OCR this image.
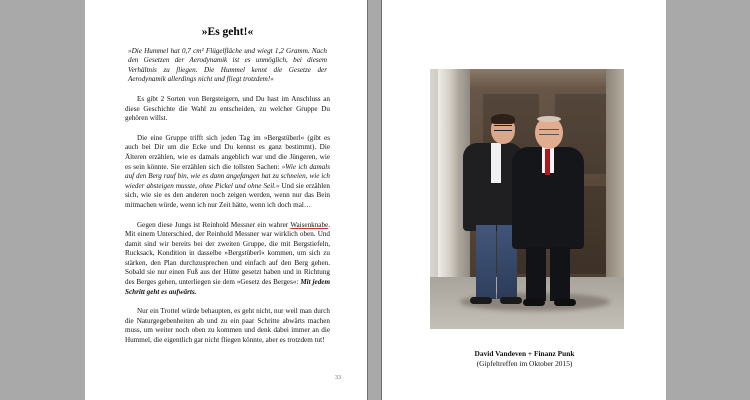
»Es geht!«

»Die Hummel hat 0,7 cm² Flügelfläche und wiegt 1,2 Gramm. Nach den Gesetzen der Aerodynamik ist es unmöglich, bei diesem Verhältnis zu fliegen. Die Hummel kennt die Gesetze der Aerodynamik allerdings nicht und fliegt trotzdem!«

Es gibt 2 Sorten von Bergsteigern, und Du hast im Anschluss an diese Geschichte die Wahl zu entscheiden, zu welcher Gruppe Du gehören willst.

Die eine Gruppe trifft sich jeden Tag im »Bergstüberl« (gibt es auch bei Dir um die Ecke und Du kennst es ganz bestimmt). Die Älteren erzählen, wie es damals angeblich war und die Jüngeren, wie es sein könnte. Sie erzählen sich die tollsten Sachen: »Wie ich damals auf den Berg rauf bin, wie es dann angefangen hat zu schneien, wie ich wieder absteigen musste, ohne Pickel und ohne Seil.« Und sie erzählen sich, wie sie es den anderen noch zeigen werden, wenn nur das Bein mitmachen würde, wenn ich nur Zeit hätte, wenn ich doch mal…

Gegen diese Jungs ist Reinhold Messner ein wahrer Waisenknabe. Mit einem Unterschied, der Reinhold Messner war wirklich oben. Und damit sind wir bereits bei der zweiten Gruppe, die mit Bergstiefeln, Rucksack, Kondition in dasselbe »Bergstüberl« kommen, um sich zu stärken, den Plan durchzusprechen und einfach auf den Berg gehen. Sobald sie nur einen Fuß aus der Hütte gesetzt haben und in Richtung des Berges gehen, unterliegen sie dem »Gesetz des Berges«: Mit jedem Schritt geht es aufwärts.

Nur ein Trottel würde behaupten, es geht nicht, nur weil man durch die Naturgegebenheiten ab und zu ein paar Schritte abwärts machen muss, um weiter noch oben zu kommen und denk dabei immer an die Hummel, die eigentlich gar nicht fliegen könnte, aber es trotzdem tut!

33
David Vandeven + Finanz Punk
(Gipfeltreffen im Oktober 2015)
